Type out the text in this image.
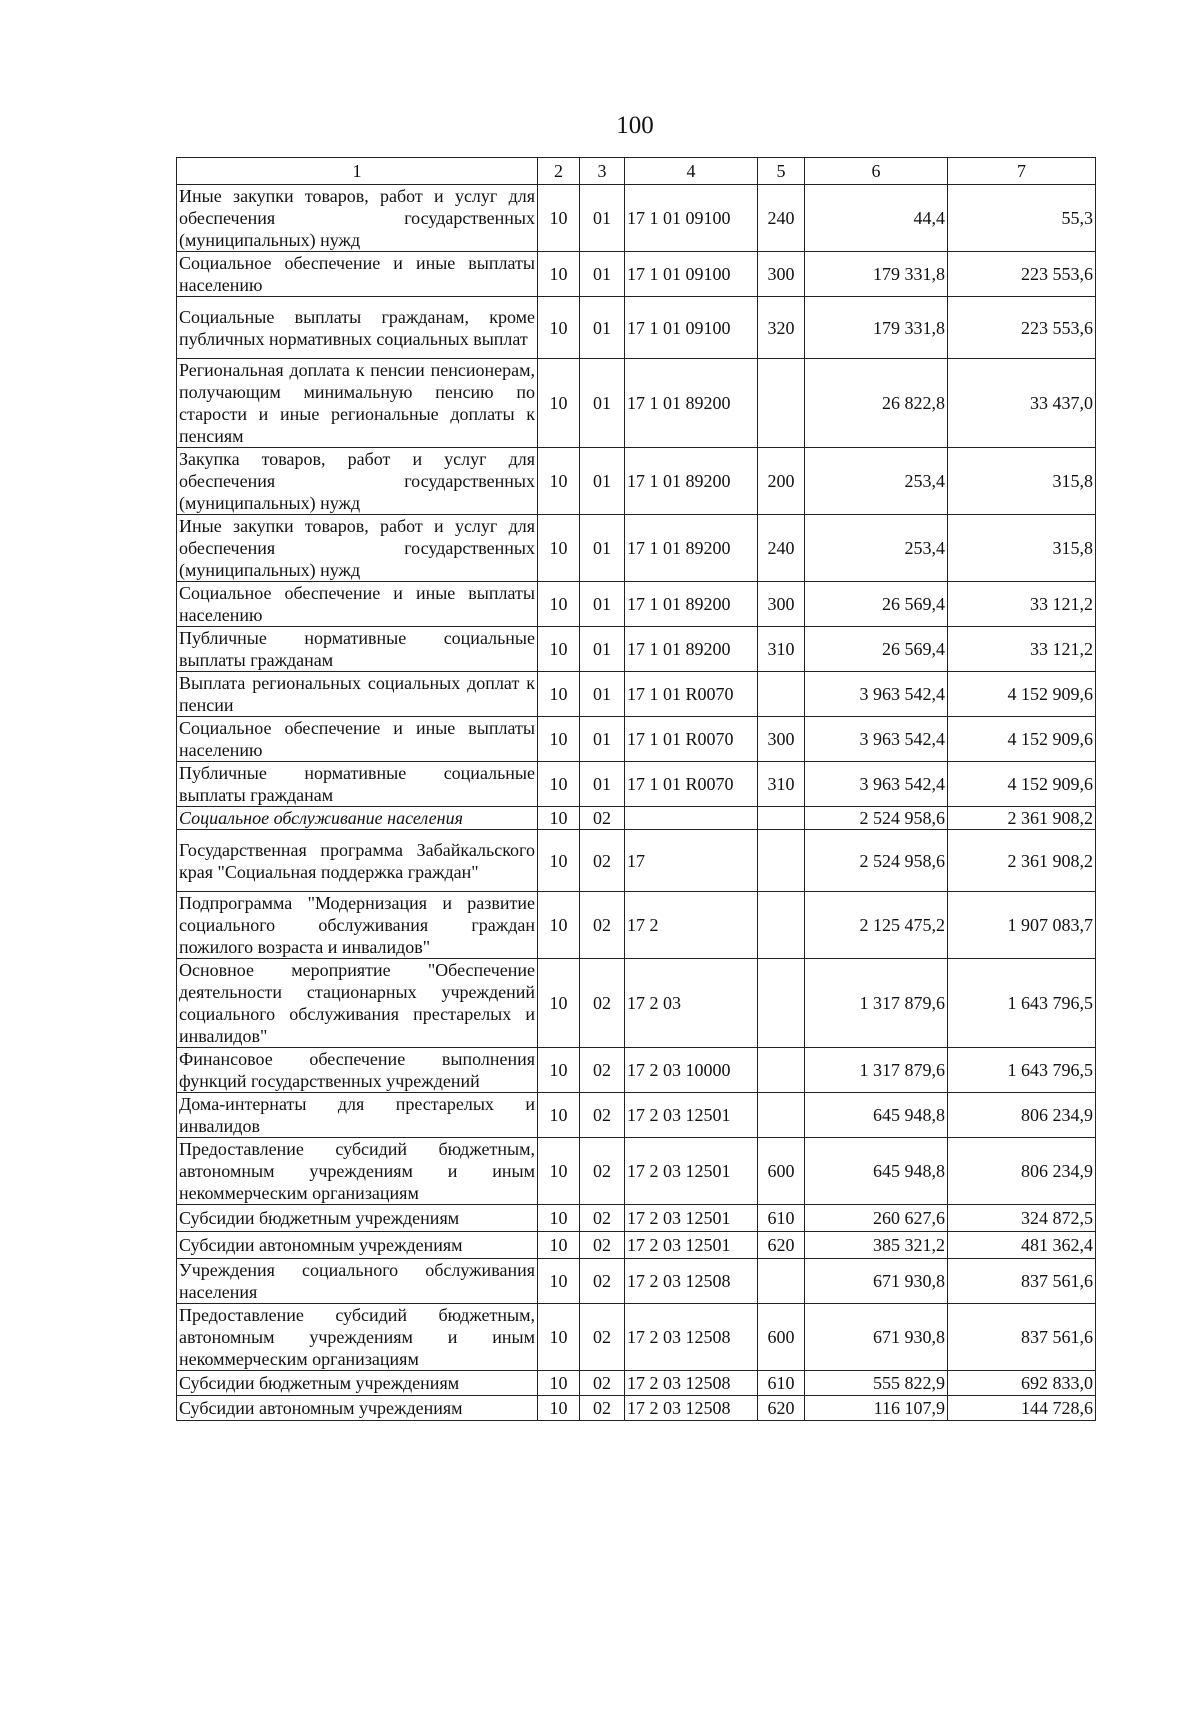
100
1	2	3	4	5	6	7
Иные закупки товаров, работ и услуг для обеспечения государственных (муниципальных) нужд	10	01	17 1 01 09100	240	44,4	55,3
Социальное обеспечение и иные выплаты населению	10	01	17 1 01 09100	300	179 331,8	223 553,6
Социальные выплаты гражданам, кроме публичных нормативных социальных выплат	10	01	17 1 01 09100	320	179 331,8	223 553,6
Региональная доплата к пенсии пенсионерам, получающим минимальную пенсию по старости и иные региональные доплаты к пенсиям	10	01	17 1 01 89200		26 822,8	33 437,0
Закупка товаров, работ и услуг для обеспечения государственных (муниципальных) нужд	10	01	17 1 01 89200	200	253,4	315,8
Иные закупки товаров, работ и услуг для обеспечения государственных (муниципальных) нужд	10	01	17 1 01 89200	240	253,4	315,8
Социальное обеспечение и иные выплаты населению	10	01	17 1 01 89200	300	26 569,4	33 121,2
Публичные нормативные социальные выплаты гражданам	10	01	17 1 01 89200	310	26 569,4	33 121,2
Выплата региональных социальных доплат к пенсии	10	01	17 1 01 R0070		3 963 542,4	4 152 909,6
Социальное обеспечение и иные выплаты населению	10	01	17 1 01 R0070	300	3 963 542,4	4 152 909,6
Публичные нормативные социальные выплаты гражданам	10	01	17 1 01 R0070	310	3 963 542,4	4 152 909,6
Социальное обслуживание населения	10	02			2 524 958,6	2 361 908,2
Государственная программа Забайкальского края "Социальная поддержка граждан"	10	02	17		2 524 958,6	2 361 908,2
Подпрограмма "Модернизация и развитие социального обслуживания граждан пожилого возраста и инвалидов"	10	02	17 2		2 125 475,2	1 907 083,7
Основное мероприятие "Обеспечение деятельности стационарных учреждений социального обслуживания престарелых и инвалидов"	10	02	17 2 03		1 317 879,6	1 643 796,5
Финансовое обеспечение выполнения функций государственных учреждений	10	02	17 2 03 10000		1 317 879,6	1 643 796,5
Дома-интернаты для престарелых и инвалидов	10	02	17 2 03 12501		645 948,8	806 234,9
Предоставление субсидий бюджетным, автономным учреждениям и иным некоммерческим организациям	10	02	17 2 03 12501	600	645 948,8	806 234,9
Субсидии бюджетным учреждениям	10	02	17 2 03 12501	610	260 627,6	324 872,5
Субсидии автономным учреждениям	10	02	17 2 03 12501	620	385 321,2	481 362,4
Учреждения социального обслуживания населения	10	02	17 2 03 12508		671 930,8	837 561,6
Предоставление субсидий бюджетным, автономным учреждениям и иным некоммерческим организациям	10	02	17 2 03 12508	600	671 930,8	837 561,6
Субсидии бюджетным учреждениям	10	02	17 2 03 12508	610	555 822,9	692 833,0
Субсидии автономным учреждениям	10	02	17 2 03 12508	620	116 107,9	144 728,6
